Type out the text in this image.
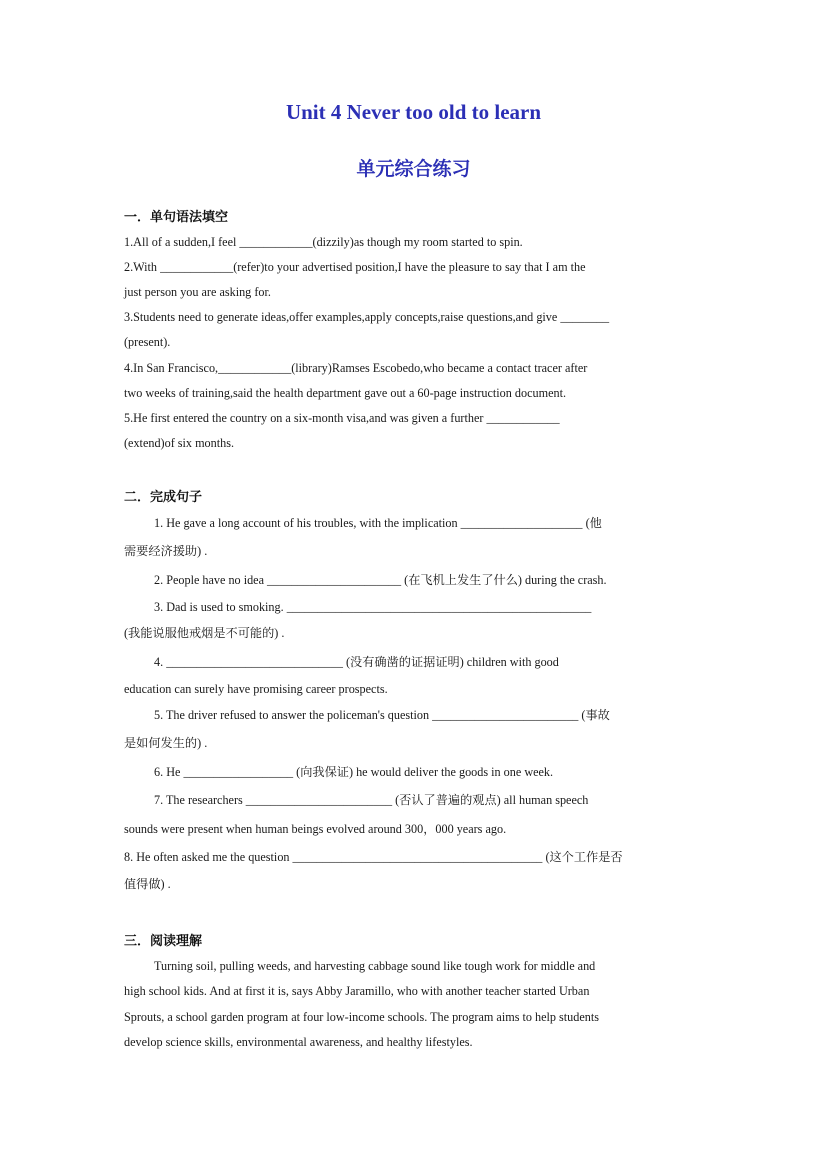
Unit 4 Never too old to learn
单元综合练习
一．单句语法填空
1.All of a sudden,I feel ____________(dizzily)as though my room started to spin.
2.With ____________(refer)to your advertised position,I have the pleasure to say that I am the
just person you are asking for.
3.Students need to generate ideas,offer examples,apply concepts,raise questions,and give ________
(present).
4.In San Francisco,____________(library)Ramses Escobedo,who became a contact tracer after
two weeks of training,said the health department gave out a 60-page instruction document.
5.He first entered the country on a six-month visa,and was given a further ____________
(extend)of six months.
二．完成句子
1. He gave a long account of his troubles, with the implication ____________________ (他
需要经济援助) .
2. People have no idea ______________________ (在飞机上发生了什么) during the crash.
3. Dad is used to smoking. __________________________________________________
(我能说服他戒烟是不可能的) .
4. _____________________________ (没有确凿的证据证明) children with good
education can surely have promising career prospects.
5. The driver refused to answer the policeman's question ________________________ (事故
是如何发生的) .
6. He __________________ (向我保证) he would deliver the goods in one week.
7. The researchers ________________________ (否认了普遍的观点) all human speech
sounds were present when human beings evolved around 300，000 years ago.
8. He often asked me the question _________________________________________ (这个工作是否
值得做) .
三．阅读理解
Turning soil, pulling weeds, and harvesting cabbage sound like tough work for middle and
high school kids. And at first it is, says Abby Jaramillo, who with another teacher started Urban
Sprouts, a school garden program at four low-income schools. The program aims to help students
develop science skills, environmental awareness, and healthy lifestyles.
